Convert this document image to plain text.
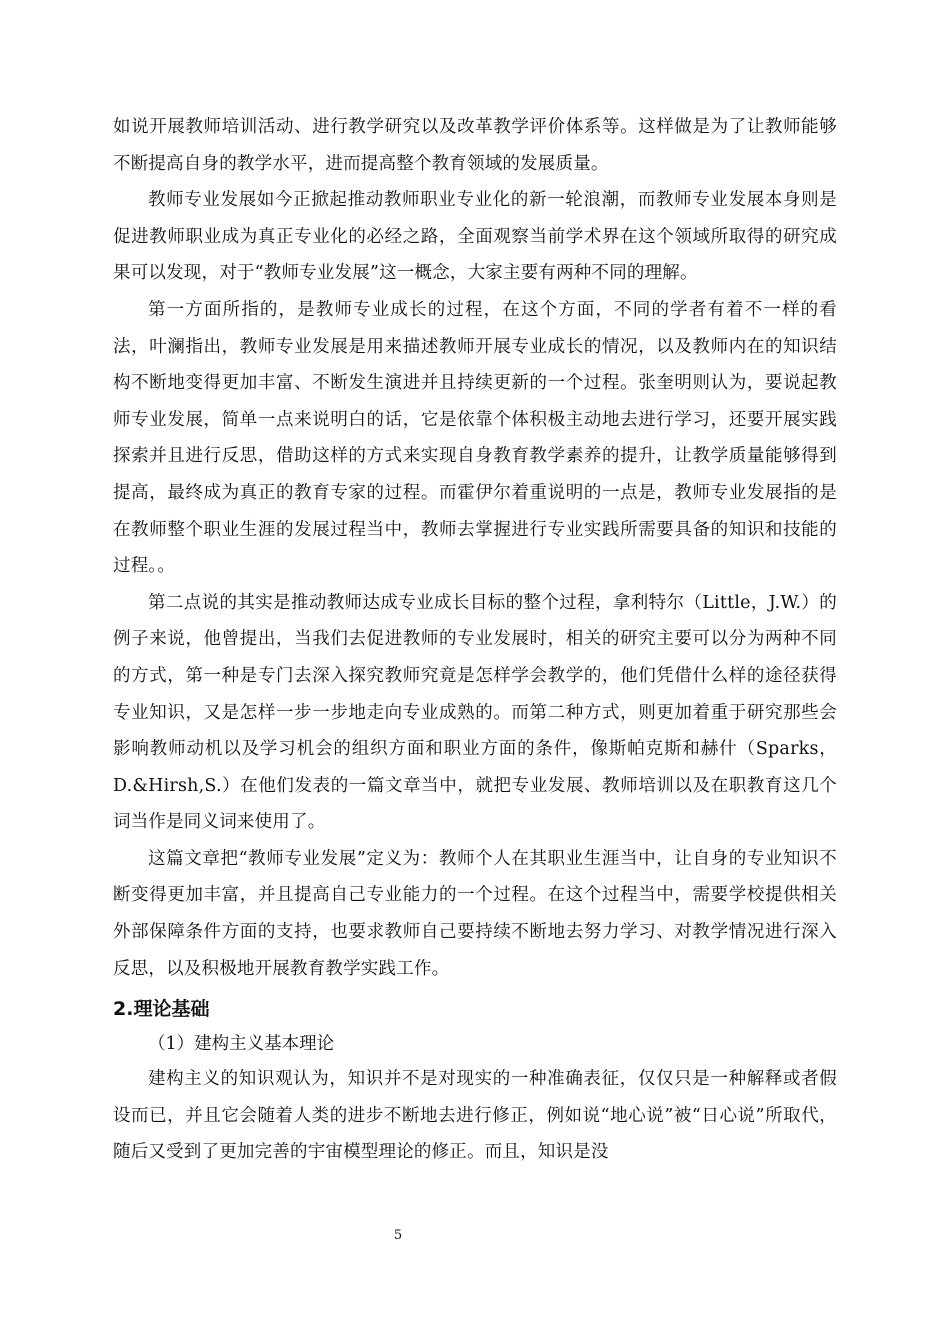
如说开展教师培训活动、进行教学研究以及改革教学评价体系等。这样做是为了让教师能够不断提高自身的教学水平，进而提高整个教育领域的发展质量。

教师专业发展如今正掀起推动教师职业专业化的新一轮浪潮，而教师专业发展本身则是促进教师职业成为真正专业化的必经之路，全面观察当前学术界在这个领域所取得的研究成果可以发现，对于“教师专业发展”这一概念，大家主要有两种不同的理解。

第一方面所指的，是教师专业成长的过程，在这个方面，不同的学者有着不一样的看法，叶澜指出，教师专业发展是用来描述教师开展专业成长的情况，以及教师内在的知识结构不断地变得更加丰富、不断发生演进并且持续更新的一个过程。张奎明则认为，要说起教师专业发展，简单一点来说明白的话，它是依靠个体积极主动地去进行学习，还要开展实践探索并且进行反思，借助这样的方式来实现自身教育教学素养的提升，让教学质量能够得到提高，最终成为真正的教育专家的过程。而霍伊尔着重说明的一点是，教师专业发展指的是在教师整个职业生涯的发展过程当中，教师去掌握进行专业实践所需要具备的知识和技能的过程。。

第二点说的其实是推动教师达成专业成长目标的整个过程，拿利特尔（Little，J.W.）的例子来说，他曾提出，当我们去促进教师的专业发展时，相关的研究主要可以分为两种不同的方式，第一种是专门去深入探究教师究竟是怎样学会教学的，他们凭借什么样的途径获得专业知识，又是怎样一步一步地走向专业成熟的。而第二种方式，则更加着重于研究那些会影响教师动机以及学习机会的组织方面和职业方面的条件，像斯帕克斯和赫什（Sparks，D.&Hirsh,S.）在他们发表的一篇文章当中，就把专业发展、教师培训以及在职教育这几个词当作是同义词来使用了。

这篇文章把“教师专业发展”定义为：教师个人在其职业生涯当中，让自身的专业知识不断变得更加丰富，并且提高自己专业能力的一个过程。在这个过程当中，需要学校提供相关外部保障条件方面的支持，也要求教师自己要持续不断地去努力学习、对教学情况进行深入反思，以及积极地开展教育教学实践工作。

2.理论基础
（1）建构主义基本理论

建构主义的知识观认为，知识并不是对现实的一种准确表征，仅仅只是一种解释或者假设而已，并且它会随着人类的进步不断地去进行修正，例如说“地心说”被“日心说”所取代，随后又受到了更加完善的宇宙模型理论的修正。而且，知识是没

5
